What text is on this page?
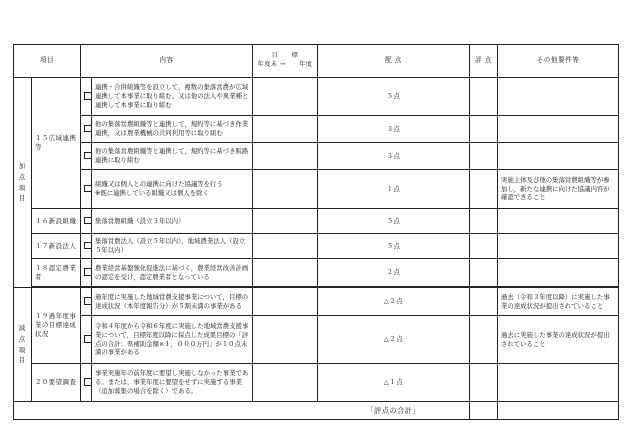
項目		内容		目　　標
年度末 →　　年度	配 点	評 点	その他要件等
加点項目	１５広域連携等		連携・合併組織等を設立して，複数の集落営農が広域連携して本事業に取り組む。又は他の法人や異業種と連携して本事業に取り組む		５点		
			他の集落営農組織等と連携して，規約等に基づき作業連携，又は農業機械の共同利用等に取り組む		３点		
			他の集落営農組織等と連携して，規約等に基づき販路連携に取り組む		３点		
			組織又は個人との連携に向けた協議等を行う
※既に連携している組織又は個人を除く		１点		実施主体及び他の集落営農組織等が参加し，新たな連携に向けた協議内容が確認できること
	１６新設組織		集落営農組織（設立３年以内）		５点		
	１７新設法人		集落営農法人（設立５年以内），地域農業法人（設立５年以内）		５点		
	１８認定農業者		農業経営基盤強化促進法に基づく，農業経営改善計画の認定を受け，認定農業者となっている		２点		

減点項目	１９過年度事業の目標達成状況		過年度に実施した地域営農支援事業について，目標の達成状況（本年度報告分）が５割未満の事業がある		△２点		過去（令和３年度以降）に実施した事業の達成状況が提出されていること
			令和４年度から令和６年度に実施した地域営農支援事業について，目標年度以降に採点した成果目標の「評点の合計：県補助金額×１，０００万円」が１０点未満の事業がある		△２点		過去に実施した事業の達成状況が提出されていること
	２０要望調査		事業実施年の前年度に要望し実施しなかった事業である。または，事業年度に要望をせずに実施する事業（追加募集の場合を除く）である。		△１点		
					「評点の合計」		
